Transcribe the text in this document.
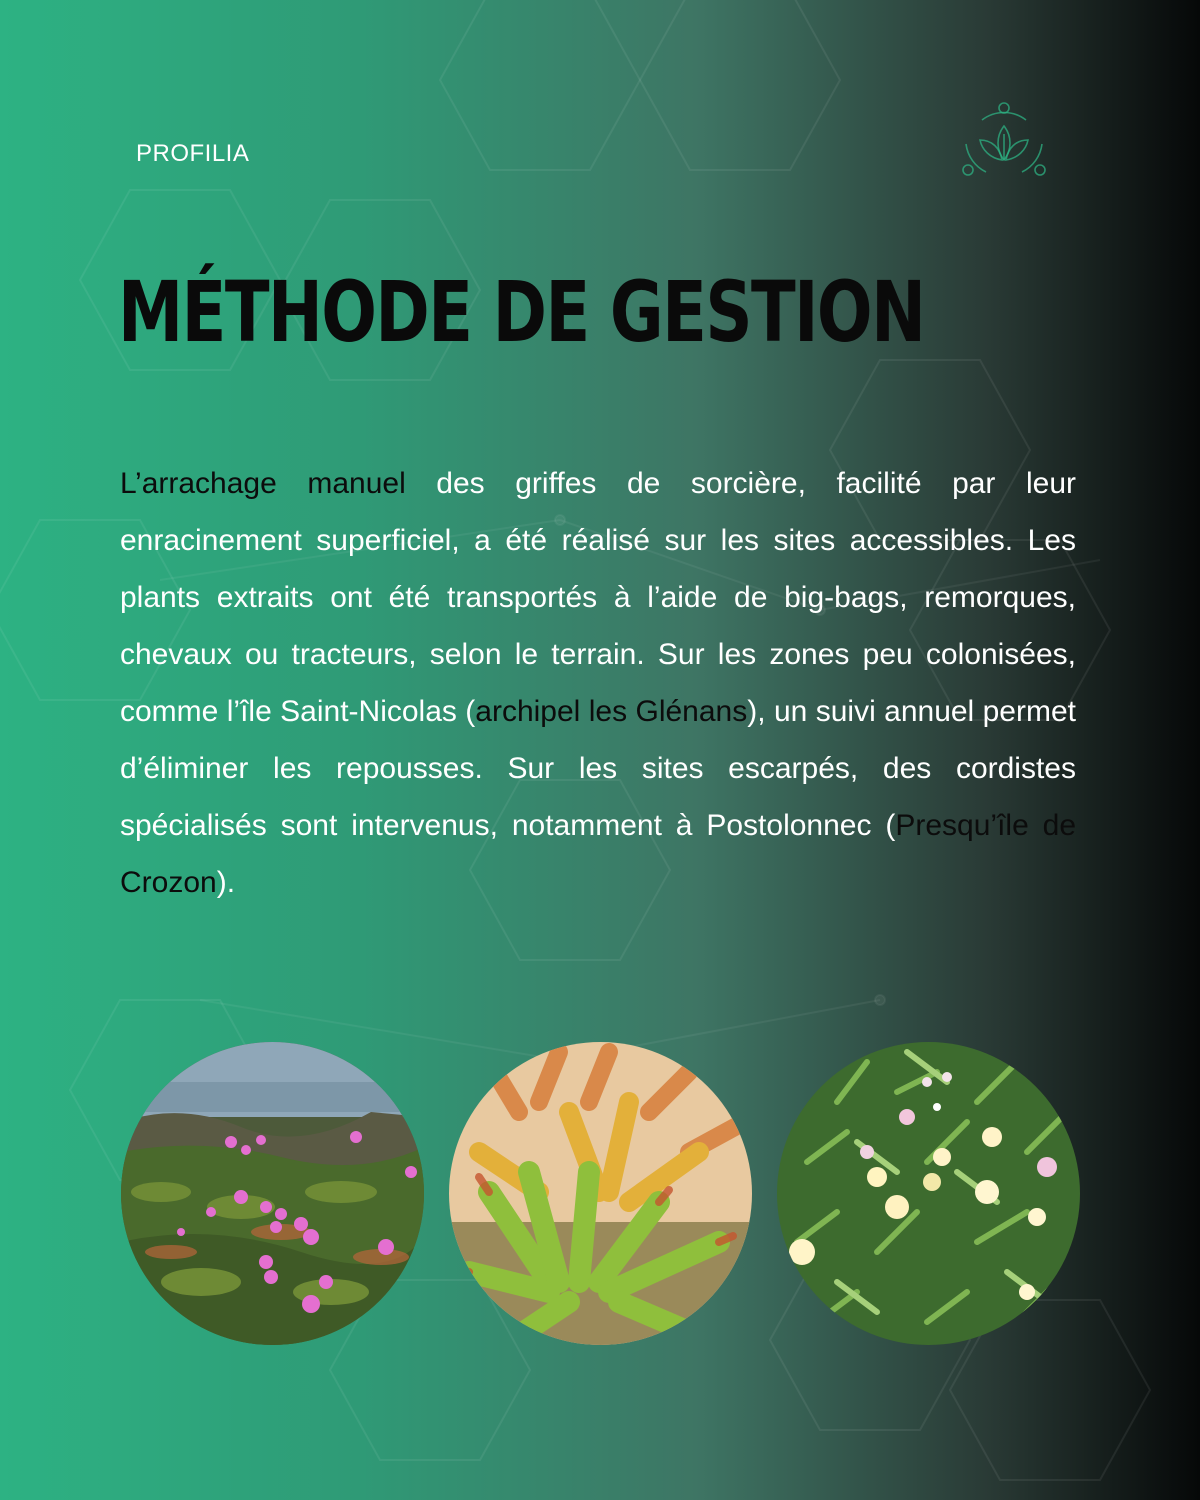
PROFILIA
MÉTHODE DE GESTION

L’arrachage manuel des griffes de sorcière, facilité par leur enracinement superficiel, a été réalisé sur les sites accessibles. Les plants extraits ont été transportés à l’aide de big-bags, remorques, chevaux ou tracteurs, selon le terrain. Sur les zones peu colonisées, comme l’île Saint-Nicolas (archipel les Glénans), un suivi annuel permet d’éliminer les repousses. Sur les sites escarpés, des cordistes spécialisés sont intervenus, notamment à Postolonnec (Presqu’île de Crozon).
